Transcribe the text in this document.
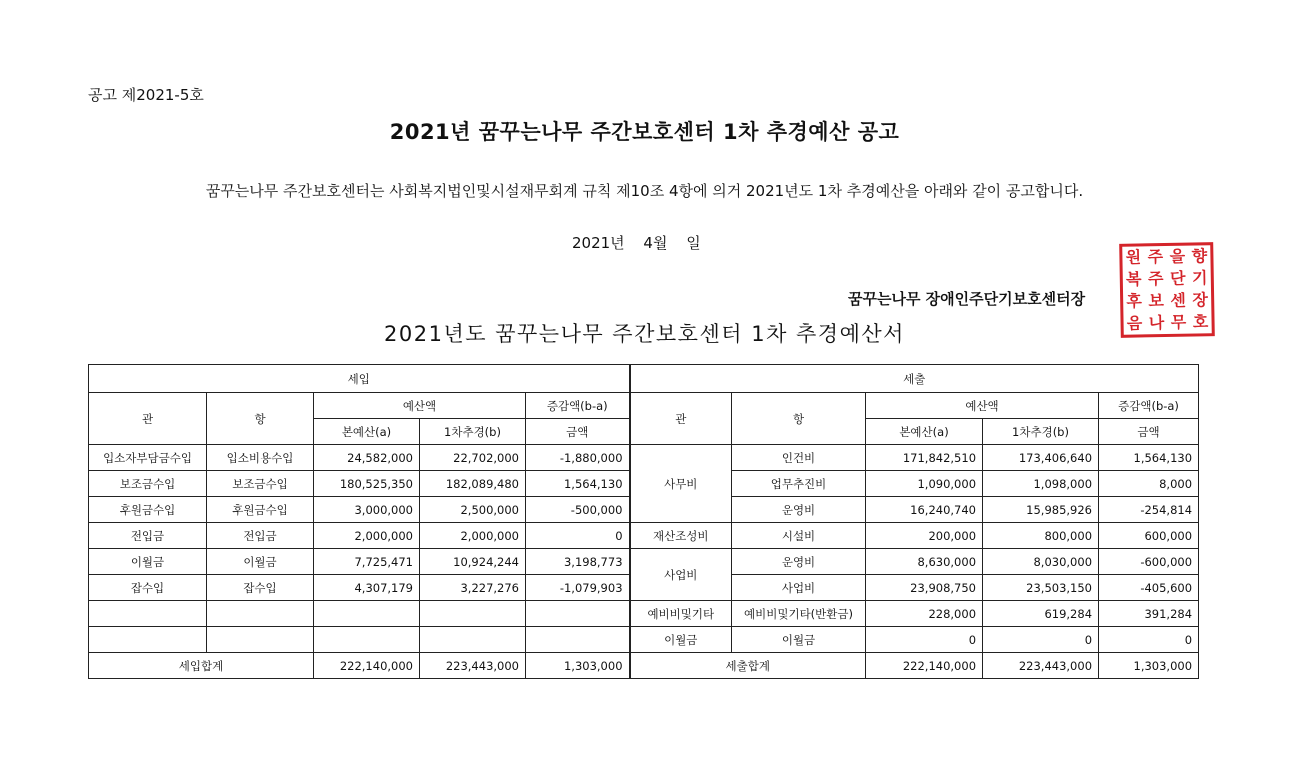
공고 제2021-5호
2021년 꿈꾸는나무 주간보호센터 1차 추경예산 공고
꿈꾸는나무 주간보호센터는 사회복지법인및시설재무회계 규칙 제10조 4항에 의거 2021년도 1차 추경예산을 아래와 같이 공고합니다.
2021년 4월 일
꿈꾸는나무 장애인주단기보호센터장
원 주 을 향
복 주 단 기
후 보 센 장
음 나 무 호
2021년도 꿈꾸는나무 주간보호센터 1차 추경예산서
세입					세출				
관	항	예산액		증감액(b-a)	관	항	예산액		증감액(b-a)
		본예산(a)	1차추경(b)	금액			본예산(a)	1차추경(b)	금액
입소자부담금수입	입소비용수입	24,582,000	22,702,000	-1,880,000	사무비	인건비	171,842,510	173,406,640	1,564,130
보조금수입	보조금수입	180,525,350	182,089,480	1,564,130		업무추진비	1,090,000	1,098,000	8,000
후원금수입	후원금수입	3,000,000	2,500,000	-500,000		운영비	16,240,740	15,985,926	-254,814
전입금	전입금	2,000,000	2,000,000	0	재산조성비	시설비	200,000	800,000	600,000
이월금	이월금	7,725,471	10,924,244	3,198,773	사업비	운영비	8,630,000	8,030,000	-600,000
잡수입	잡수입	4,307,179	3,227,276	-1,079,903		사업비	23,908,750	23,503,150	-405,600
					예비비및기타	예비비및기타(반환금)	228,000	619,284	391,284
					이월금	이월금	0	0	0
세입합계		222,140,000	223,443,000	1,303,000	세출합계		222,140,000	223,443,000	1,303,000
